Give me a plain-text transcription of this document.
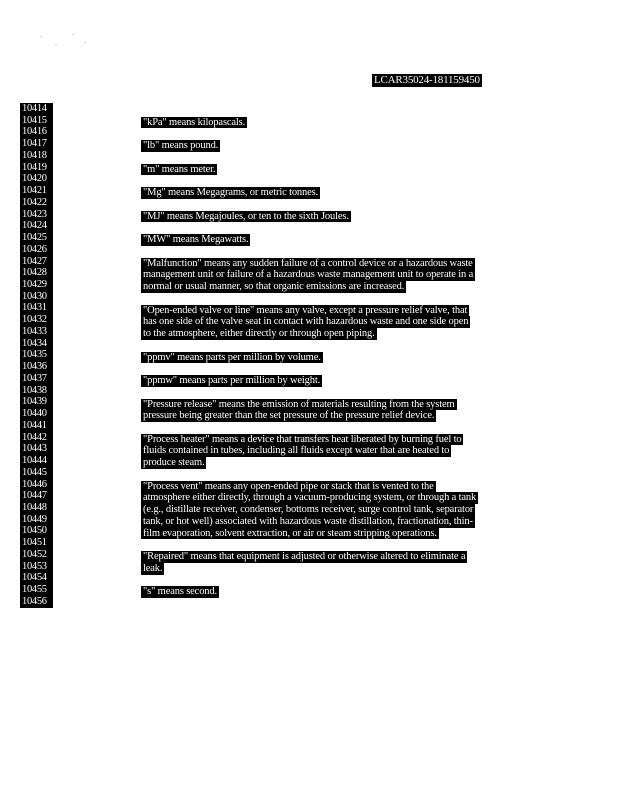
LCAR35024-181159450
10414
10415
10416
10417
10418
10419
10420
10421
10422
10423
10424
10425
10426
10427
10428
10429
10430
10431
10432
10433
10434
10435
10436
10437
10438
10439
10440
10441
10442
10443
10444
10445
10446
10447
10448
10449
10450
10451
10452
10453
10454
10455
10456
"kPa" means kilopascals.
"lb" means pound.
"m" means meter.
"Mg" means Megagrams, or metric tonnes.
"MJ" means Megajoules, or ten to the sixth Joules.
"MW" means Megawatts.
"Malfunction" means any sudden failure of a control device or a hazardous waste
management unit or failure of a hazardous waste management unit to operate in a
normal or usual manner, so that organic emissions are increased.
"Open-ended valve or line" means any valve, except a pressure relief valve, that
has one side of the valve seat in contact with hazardous waste and one side open
to the atmosphere, either directly or through open piping.
"ppmv" means parts per million by volume.
"ppmw" means parts per million by weight.
"Pressure release" means the emission of materials resulting from the system
pressure being greater than the set pressure of the pressure relief device.
"Process heater" means a device that transfers heat liberated by burning fuel to
fluids contained in tubes, including all fluids except water that are heated to
produce steam.
"Process vent" means any open-ended pipe or stack that is vented to the
atmosphere either directly, through a vacuum-producing system, or through a tank
(e.g., distillate receiver, condenser, bottoms receiver, surge control tank, separator
tank, or hot well) associated with hazardous waste distillation, fractionation, thin-
film evaporation, solvent extraction, or air or steam stripping operations.
"Repaired" means that equipment is adjusted or otherwise altered to eliminate a
leak.
"s" means second.
